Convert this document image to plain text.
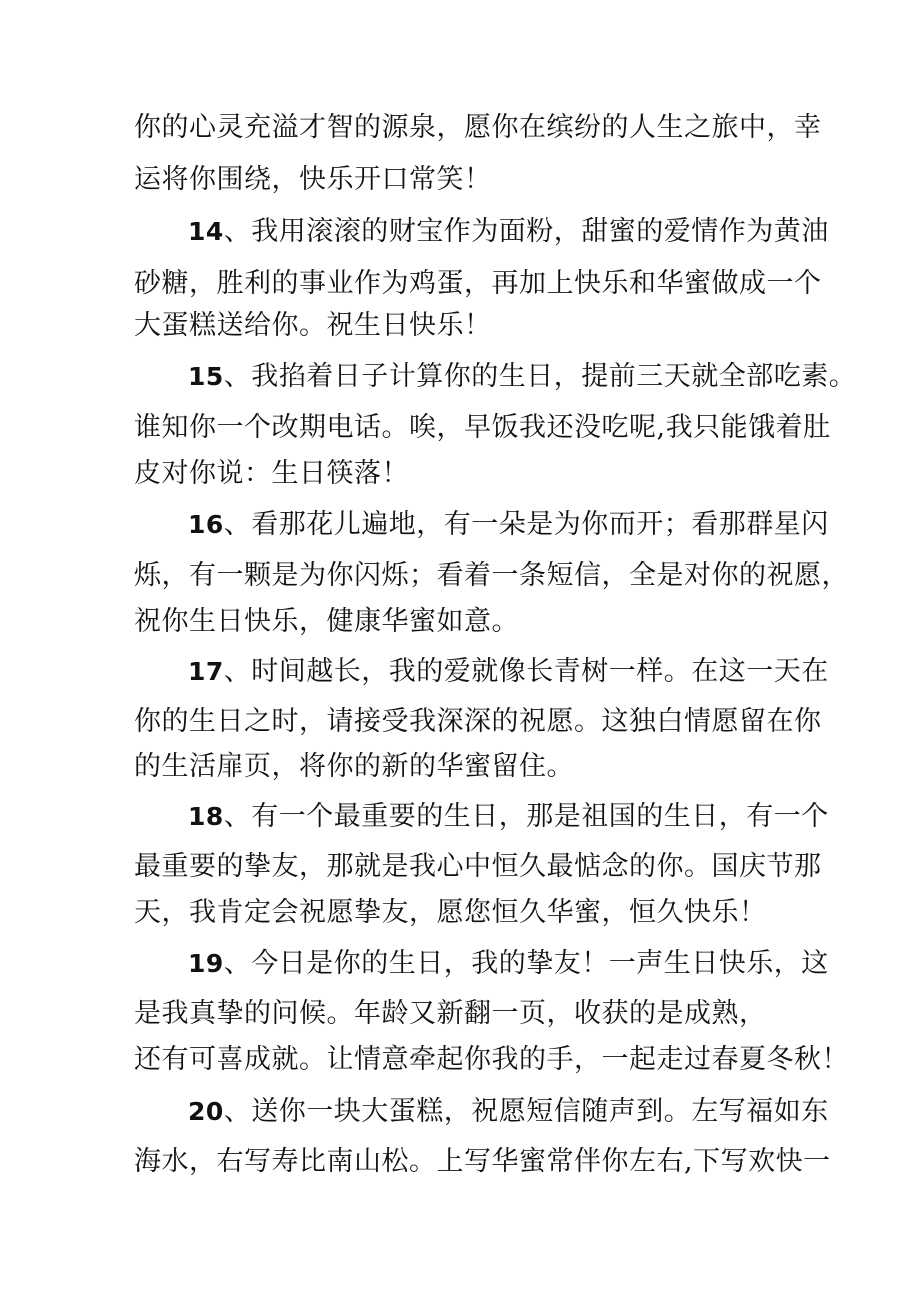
你的心灵充溢才智的源泉，愿你在缤纷的人生之旅中，幸
运将你围绕，快乐开口常笑！
14、我用滚滚的财宝作为面粉，甜蜜的爱情作为黄油
砂糖，胜利的事业作为鸡蛋，再加上快乐和华蜜做成一个
大蛋糕送给你。祝生日快乐！
15、我掐着日子计算你的生日，提前三天就全部吃素。
谁知你一个改期电话。唉，早饭我还没吃呢,我只能饿着肚
皮对你说：生日筷落！
16、看那花儿遍地，有一朵是为你而开；看那群星闪
烁，有一颗是为你闪烁；看着一条短信，全是对你的祝愿，
祝你生日快乐，健康华蜜如意。
17、时间越长，我的爱就像长青树一样。在这一天在
你的生日之时，请接受我深深的祝愿。这独白情愿留在你
的生活扉页，将你的新的华蜜留住。
18、有一个最重要的生日，那是祖国的生日，有一个
最重要的挚友，那就是我心中恒久最惦念的你。国庆节那
天，我肯定会祝愿挚友，愿您恒久华蜜，恒久快乐！
19、今日是你的生日，我的挚友！一声生日快乐，这
是我真挚的问候。年龄又新翻一页，收获的是成熟，
还有可喜成就。让情意牵起你我的手，一起走过春夏冬秋！
20、送你一块大蛋糕，祝愿短信随声到。左写福如东
海水，右写寿比南山松。上写华蜜常伴你左右,下写欢快一
